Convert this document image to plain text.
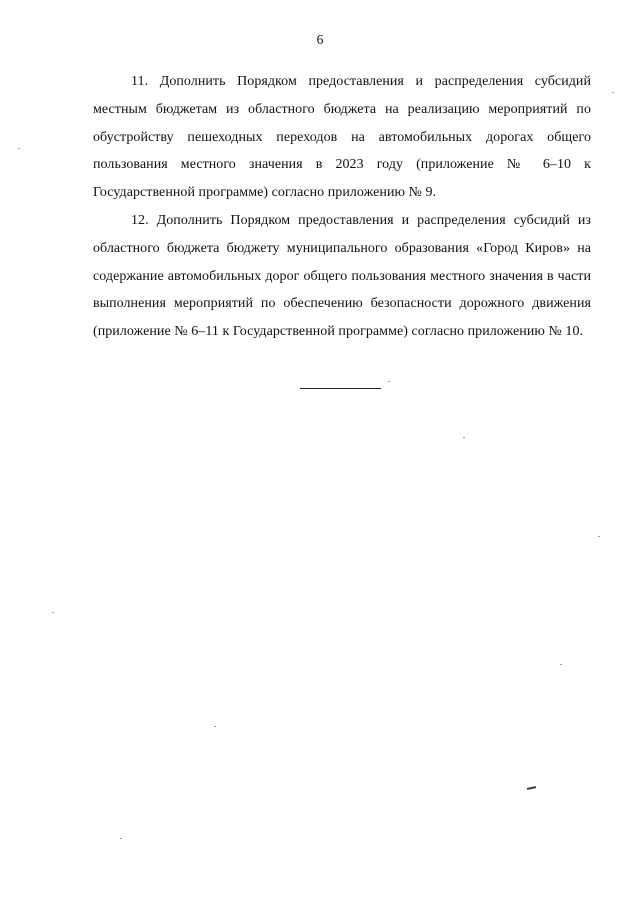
6

11. Дополнить Порядком предоставления и распределения субсидий местным бюджетам из областного бюджета на реализацию мероприятий по обустройству пешеходных переходов на автомобильных дорогах общего пользования местного значения в 2023 году (приложение № 6–10 к Государственной программе) согласно приложению № 9.

12. Дополнить Порядком предоставления и распределения субсидий из областного бюджета бюджету муниципального образования «Город Киров» на содержание автомобильных дорог общего пользования местного значения в части выполнения мероприятий по обеспечению безопасности дорожного движения (приложение № 6–11 к Государственной программе) согласно приложению № 10.
